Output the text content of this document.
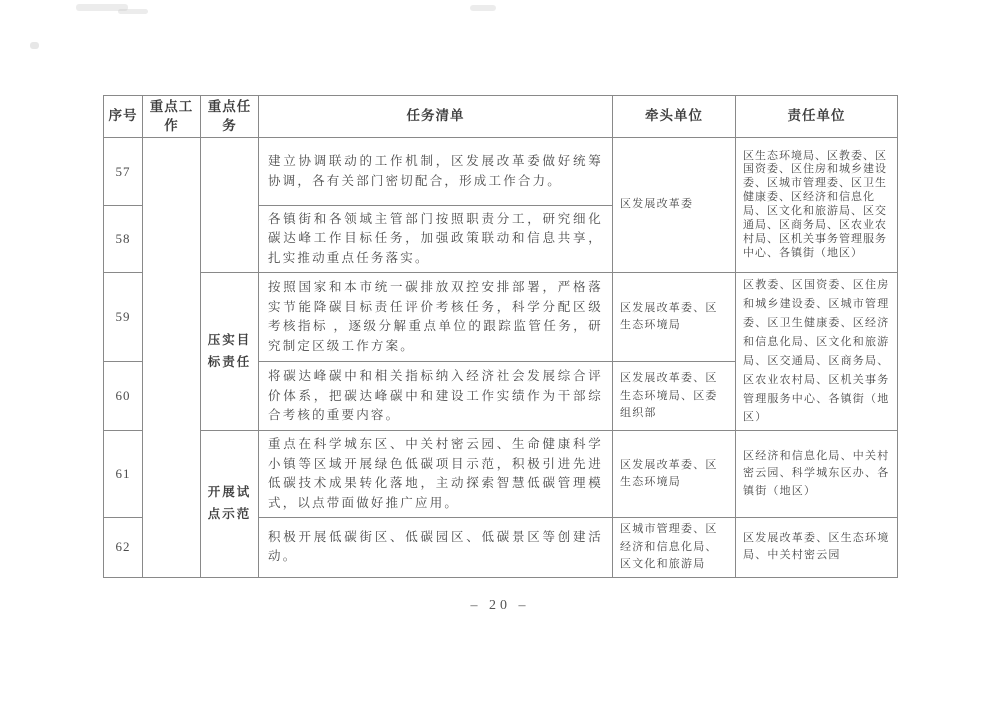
序号	重点工作	重点任务	任务清单	牵头单位	责任单位
57			建立协调联动的工作机制，区发展改革委做好统筹协调，各有关部门密切配合，形成工作合力。	区发展改革委	区生态环境局、区教委、区国资委、区住房和城乡建设委、区城市管理委、区卫生健康委、区经济和信息化局、区文化和旅游局、区交通局、区商务局、区农业农村局、区机关事务管理服务中心、各镇街（地区）
58			各镇街和各领域主管部门按照职责分工，研究细化碳达峰工作目标任务，加强政策联动和信息共享，扎实推动重点任务落实。		
59		压实目标责任	按照国家和本市统一碳排放双控安排部署，严格落实节能降碳目标责任评价考核任务，科学分配区级考核指标 ，逐级分解重点单位的跟踪监管任务，研究制定区级工作方案。	区发展改革委、区生态环境局	区教委、区国资委、区住房和城乡建设委、区城市管理委、区卫生健康委、区经济和信息化局、区文化和旅游局、区交通局、区商务局、区农业农村局、区机关事务管理服务中心、各镇街（地区）
60			将碳达峰碳中和相关指标纳入经济社会发展综合评价体系，把碳达峰碳中和建设工作实绩作为干部综合考核的重要内容。	区发展改革委、区生态环境局、区委组织部	
61		开展试点示范	重点在科学城东区、中关村密云园、生命健康科学小镇等区域开展绿色低碳项目示范，积极引进先进低碳技术成果转化落地，主动探索智慧低碳管理模式，以点带面做好推广应用。	区发展改革委、区生态环境局	区经济和信息化局、中关村密云园、科学城东区办、各镇街（地区）
62			积极开展低碳街区、低碳园区、低碳景区等创建活动。	区城市管理委、区经济和信息化局、区文化和旅游局	区发展改革委、区生态环境局、中关村密云园
– 20 –
